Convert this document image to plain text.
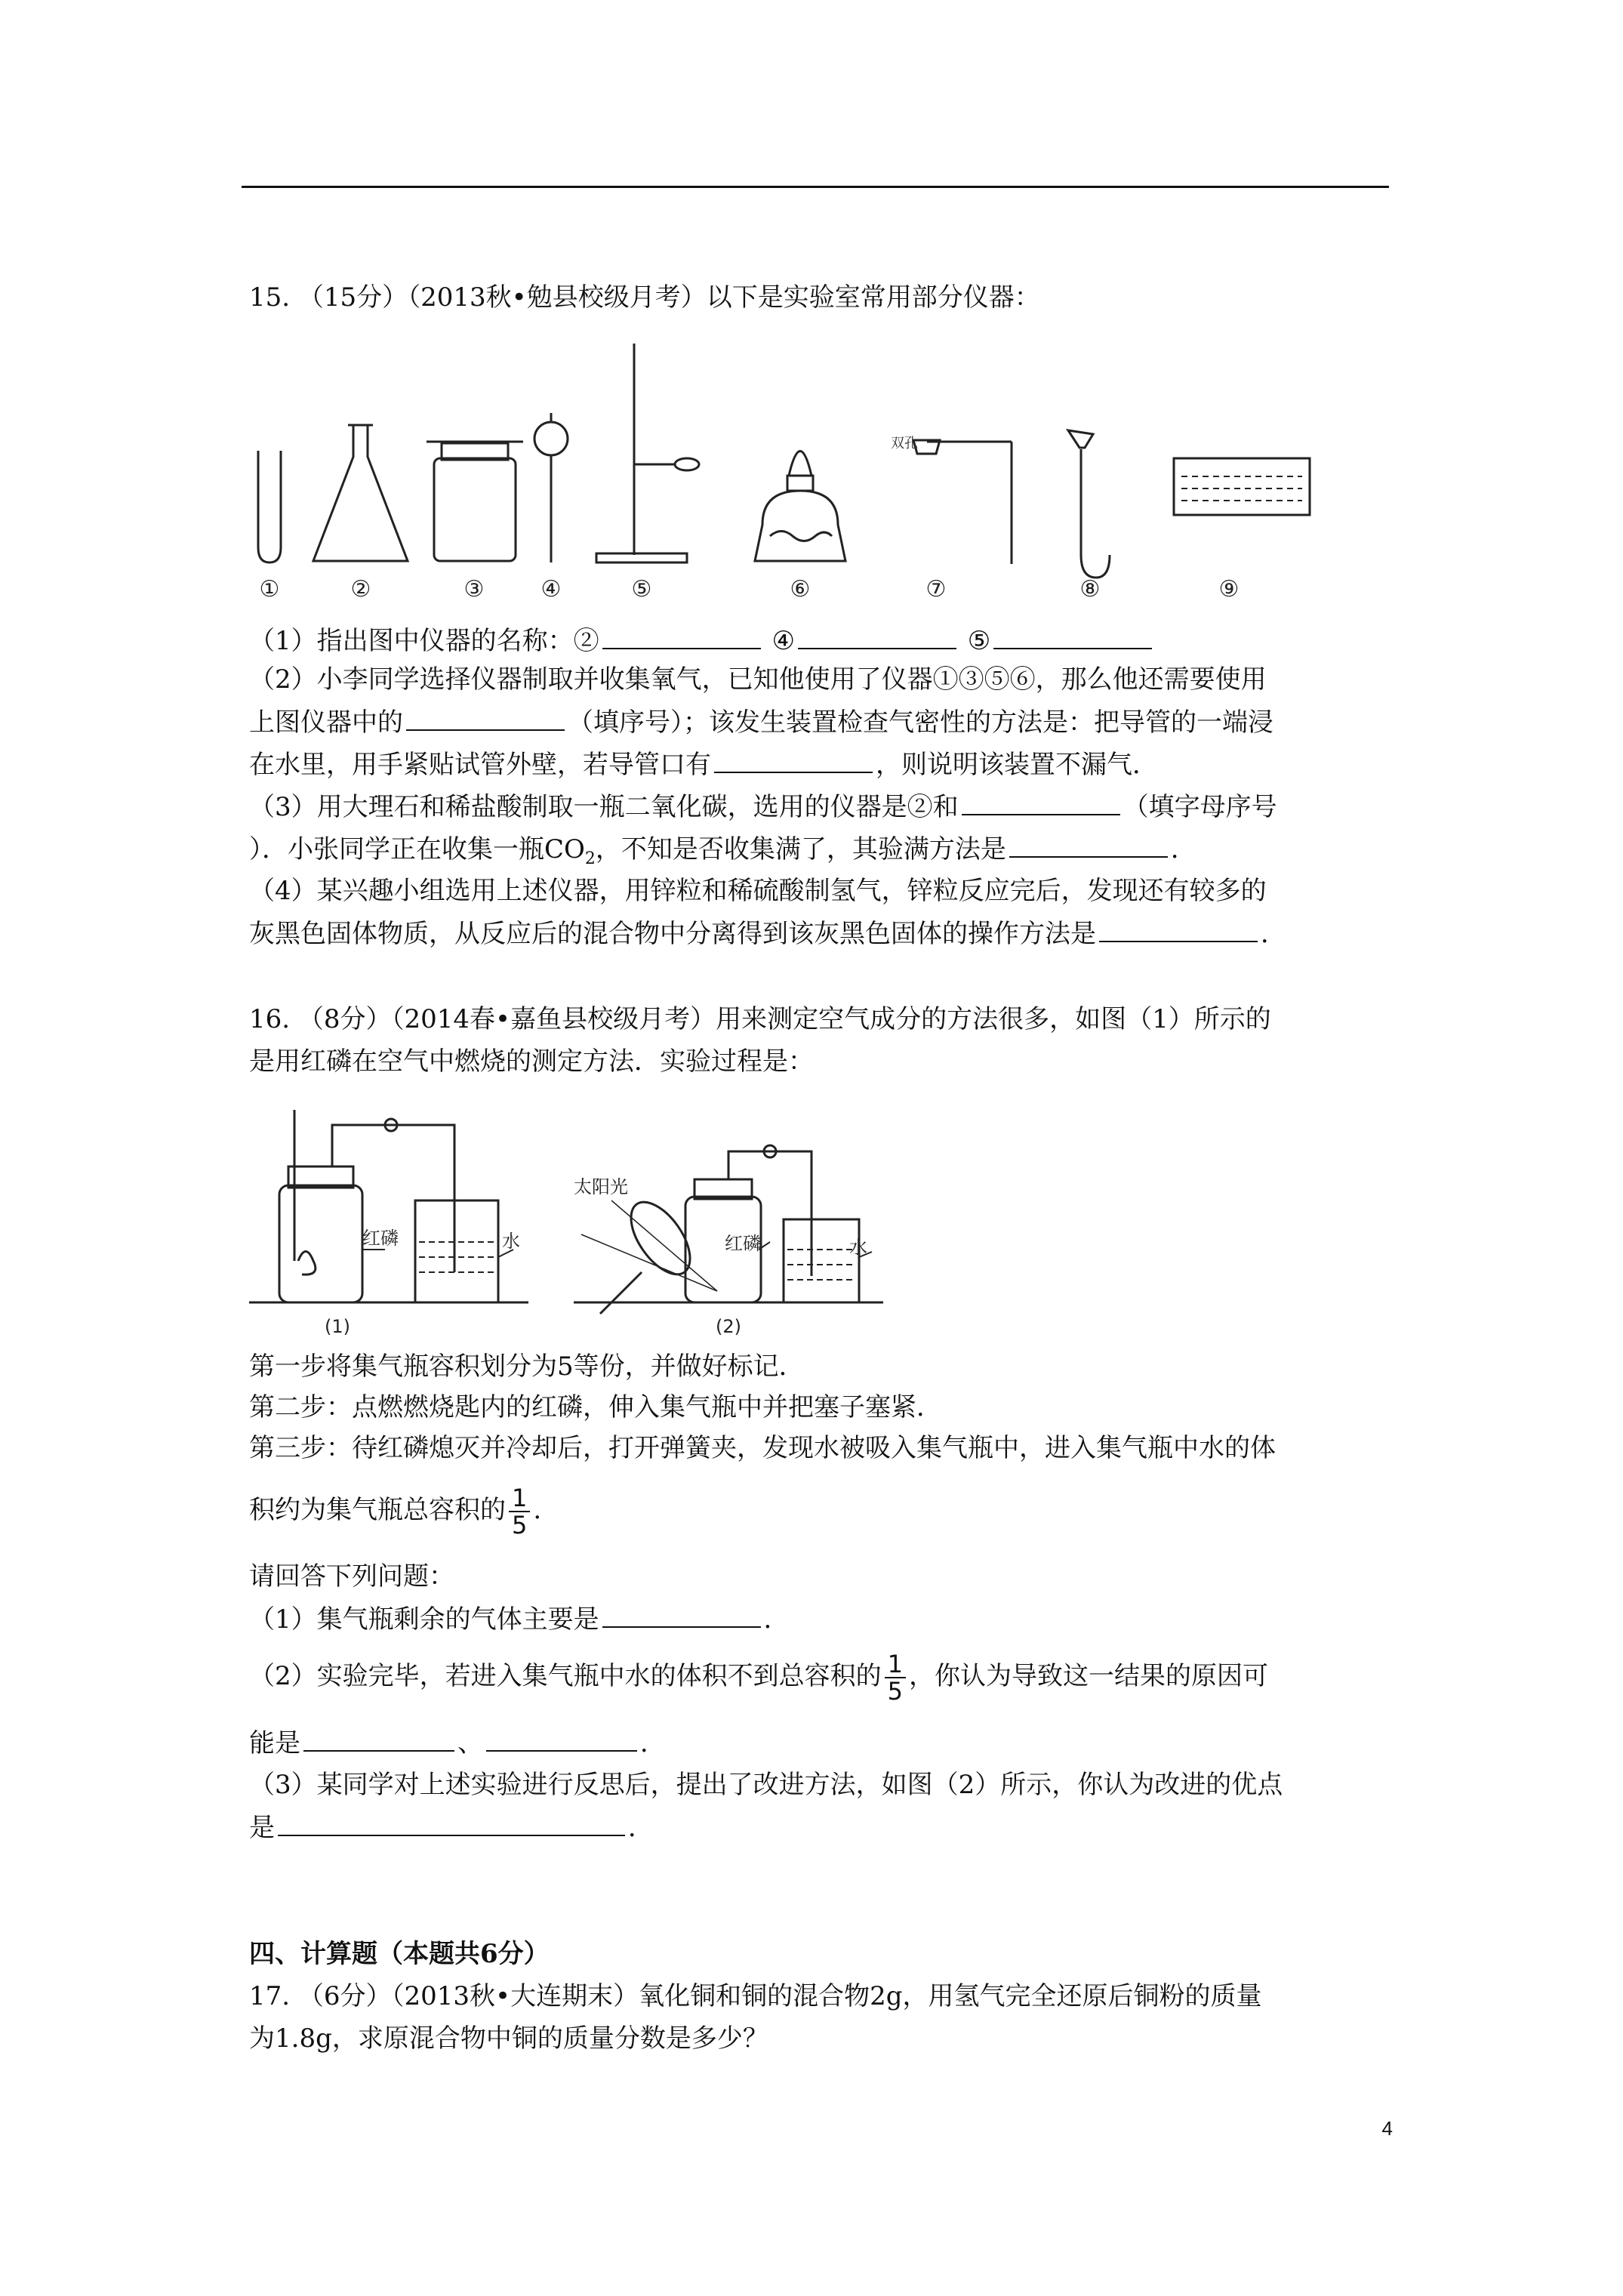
15. （15分）（2013秋•勉县校级月考）以下是实验室常用部分仪器：
双孔
①	②	③	④	⑤	⑥	⑦	⑧	⑨
（1）指出图中仪器的名称：②	④	⑤
（2）小李同学选择仪器制取并收集氧气，已知他使用了仪器①③⑤⑥，那么他还需要使用
上图仪器中的	（填序号）；该发生装置检查气密性的方法是：把导管的一端浸
在水里，用手紧贴试管外壁，若导管口有	，则说明该装置不漏气．
（3）用大理石和稀盐酸制取一瓶二氧化碳，选用的仪器是②和	（填字母序号
）．小张同学正在收集一瓶$CO_2$，不知是否收集满了，其验满方法是	．
（4）某兴趣小组选用上述仪器，用锌粒和稀硫酸制氢气，锌粒反应完后，发现还有较多的
灰黑色固体物质，从反应后的混合物中分离得到该灰黑色固体的操作方法是	．
16. （8分）（2014春•嘉鱼县校级月考）用来测定空气成分的方法很多，如图（1）所示的
是用红磷在空气中燃烧的测定方法．实验过程是：
红磷	水
(1)
太阳光
红磷	水
(2)
第一步将集气瓶容积划分为5等份，并做好标记．
第二步：点燃燃烧匙内的红磷，伸入集气瓶中并把塞子塞紧．
第三步：待红磷熄灭并冷却后，打开弹簧夹，发现水被吸入集气瓶中，进入集气瓶中水的体
积约为集气瓶总容积的 $\frac{1}{5}$ .
请回答下列问题：
（1）集气瓶剩余的气体主要是	．
（2）实验完毕，若进入集气瓶中水的体积不到总容积的 $\frac{1}{5}$ ，你认为导致这一结果的原因可
能是	、	．
（3）某同学对上述实验进行反思后，提出了改进方法，如图（2）所示，你认为改进的优点
是	．
四、计算题（本题共6分）
17. （6分）（2013秋•大连期末）氧化铜和铜的混合物2g，用氢气完全还原后铜粉的质量
为1.8g，求原混合物中铜的质量分数是多少？
4
